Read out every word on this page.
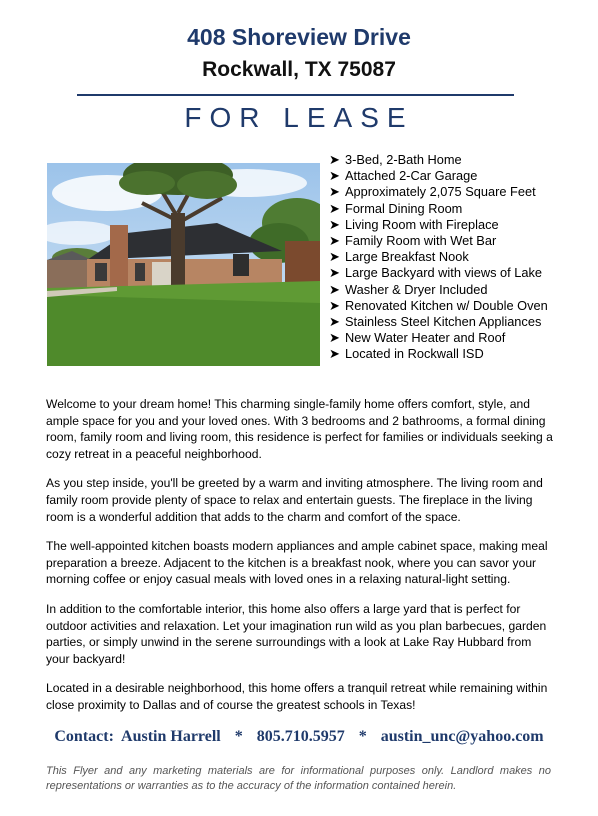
408 Shoreview Drive
Rockwall, TX 75087
FOR LEASE
➤ 3-Bed, 2-Bath Home
➤ Attached 2-Car Garage
➤ Approximately 2,075 Square Feet
➤ Formal Dining Room
➤ Living Room with Fireplace
➤ Family Room with Wet Bar
➤ Large Breakfast Nook
➤ Large Backyard with views of Lake
➤ Washer & Dryer Included
➤ Renovated Kitchen w/ Double Oven
➤ Stainless Steel Kitchen Appliances
➤ New Water Heater and Roof
➤ Located in Rockwall ISD

Welcome to your dream home! This charming single-family home offers comfort, style, and ample space for you and your loved ones. With 3 bedrooms and 2 bathrooms, a formal dining room, family room and living room, this residence is perfect for families or individuals seeking a cozy retreat in a peaceful neighborhood.

As you step inside, you'll be greeted by a warm and inviting atmosphere. The living room and family room provide plenty of space to relax and entertain guests. The fireplace in the living room is a wonderful addition that adds to the charm and comfort of the space.

The well-appointed kitchen boasts modern appliances and ample cabinet space, making meal preparation a breeze. Adjacent to the kitchen is a breakfast nook, where you can savor your morning coffee or enjoy casual meals with loved ones in a relaxing natural-light setting.

In addition to the comfortable interior, this home also offers a large yard that is perfect for outdoor activities and relaxation. Let your imagination run wild as you plan barbecues, garden parties, or simply unwind in the serene surroundings with a look at Lake Ray Hubbard from your backyard!

Located in a desirable neighborhood, this home offers a tranquil retreat while remaining within close proximity to Dallas and of course the greatest schools in Texas!

Contact:  Austin Harrell * 805.710.5957 * austin_unc@yahoo.com
This Flyer and any marketing materials are for informational purposes only. Landlord makes no representations or warranties as to the accuracy of the information contained herein.
